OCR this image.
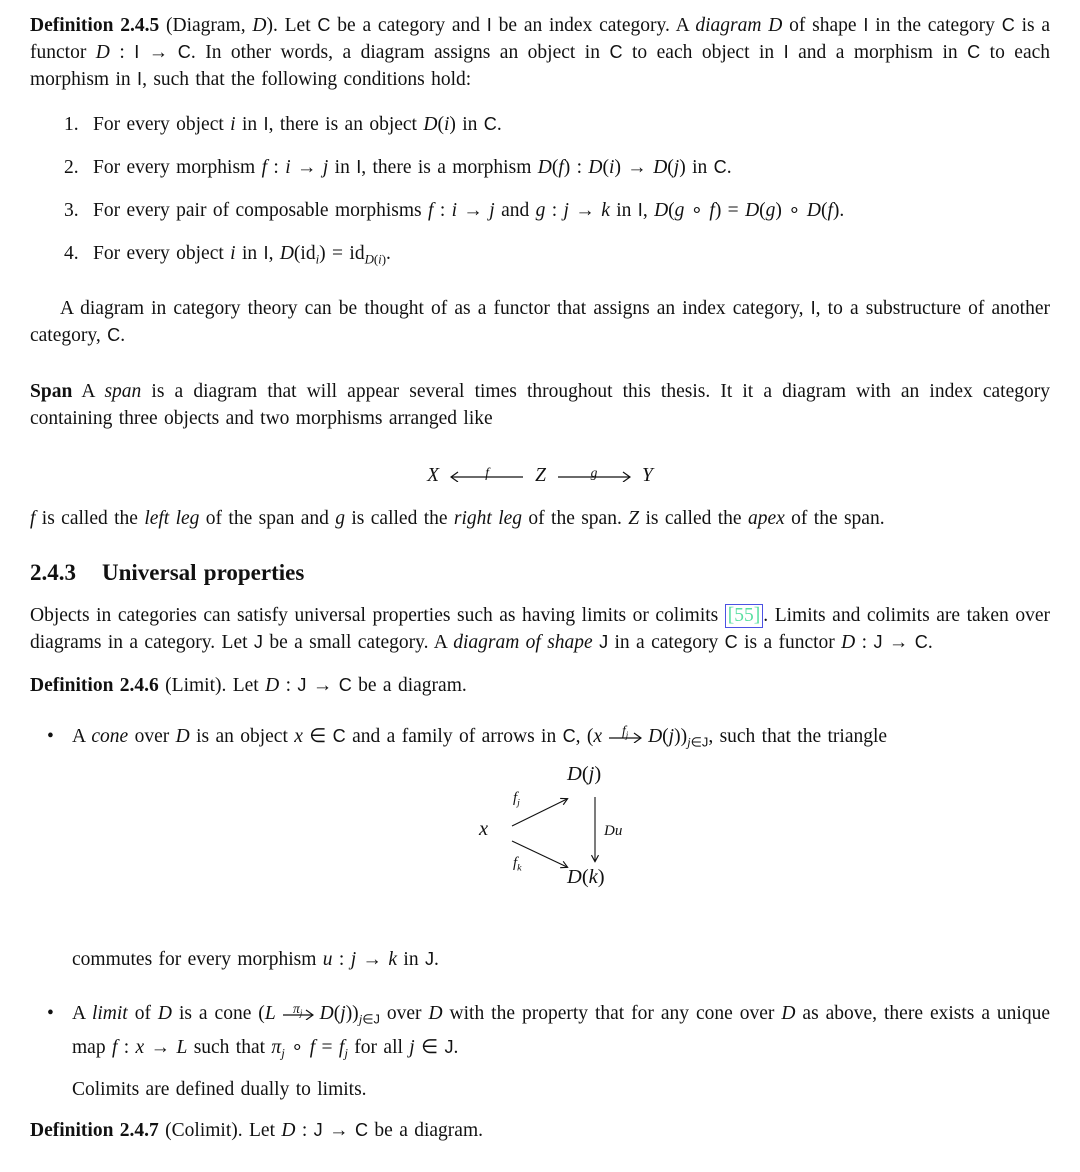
Definition 2.4.5 (Diagram, D). Let C be a category and I be an index category. A diagram D of shape I in the category C is a functor D : I → C. In other words, a diagram assigns an object in C to each object in I and a morphism in C to each morphism in I, such that the following conditions hold:

1. For every object i in I, there is an object D(i) in C.
2. For every morphism f : i → j in I, there is a morphism D(f) : D(i) → D(j) in C.
3. For every pair of composable morphisms f : i → j and g : j → k in I, D(g ∘ f) = D(g) ∘ D(f).
4. For every object i in I, $D(id_i) = id_{D(i)}$.

A diagram in category theory can be thought of as a functor that assigns an index category, I, to a substructure of another category, C.

Span A span is a diagram that will appear several times throughout this thesis. It it a diagram with an index category containing three objects and two morphisms arranged like

X	f Z	g Y

f is called the left leg of the span and g is called the right leg of the span. Z is called the apex of the span.

2.4.3 Universal properties

Objects in categories can satisfy universal properties such as having limits or colimits [55] . Limits and colimits are taken over diagrams in a category. Let J be a small category. A diagram of shape J in a category C is a functor D : J → C.

Definition 2.4.6 (Limit). Let D : J → C be a diagram.

• A cone over D is an object x ∈ C and a family of arrows in C, (x $f_j$ $D(j))_{j\in J}$, such that the triangle
D(j)
x
D(k)
$f_j$
$f_k$
Du

commutes for every morphism u : j → k in J.

• A limit of D is a cone (L $\pi_j$ $D(j))_{j\in J}$ over D with the property that for any cone over D as above, there exists a unique map f : x → L such that $\pi_j$ ∘ $f = f_j$ for all j ∈ J.

Colimits are defined dually to limits.

Definition 2.4.7 (Colimit). Let D : J → C be a diagram.
